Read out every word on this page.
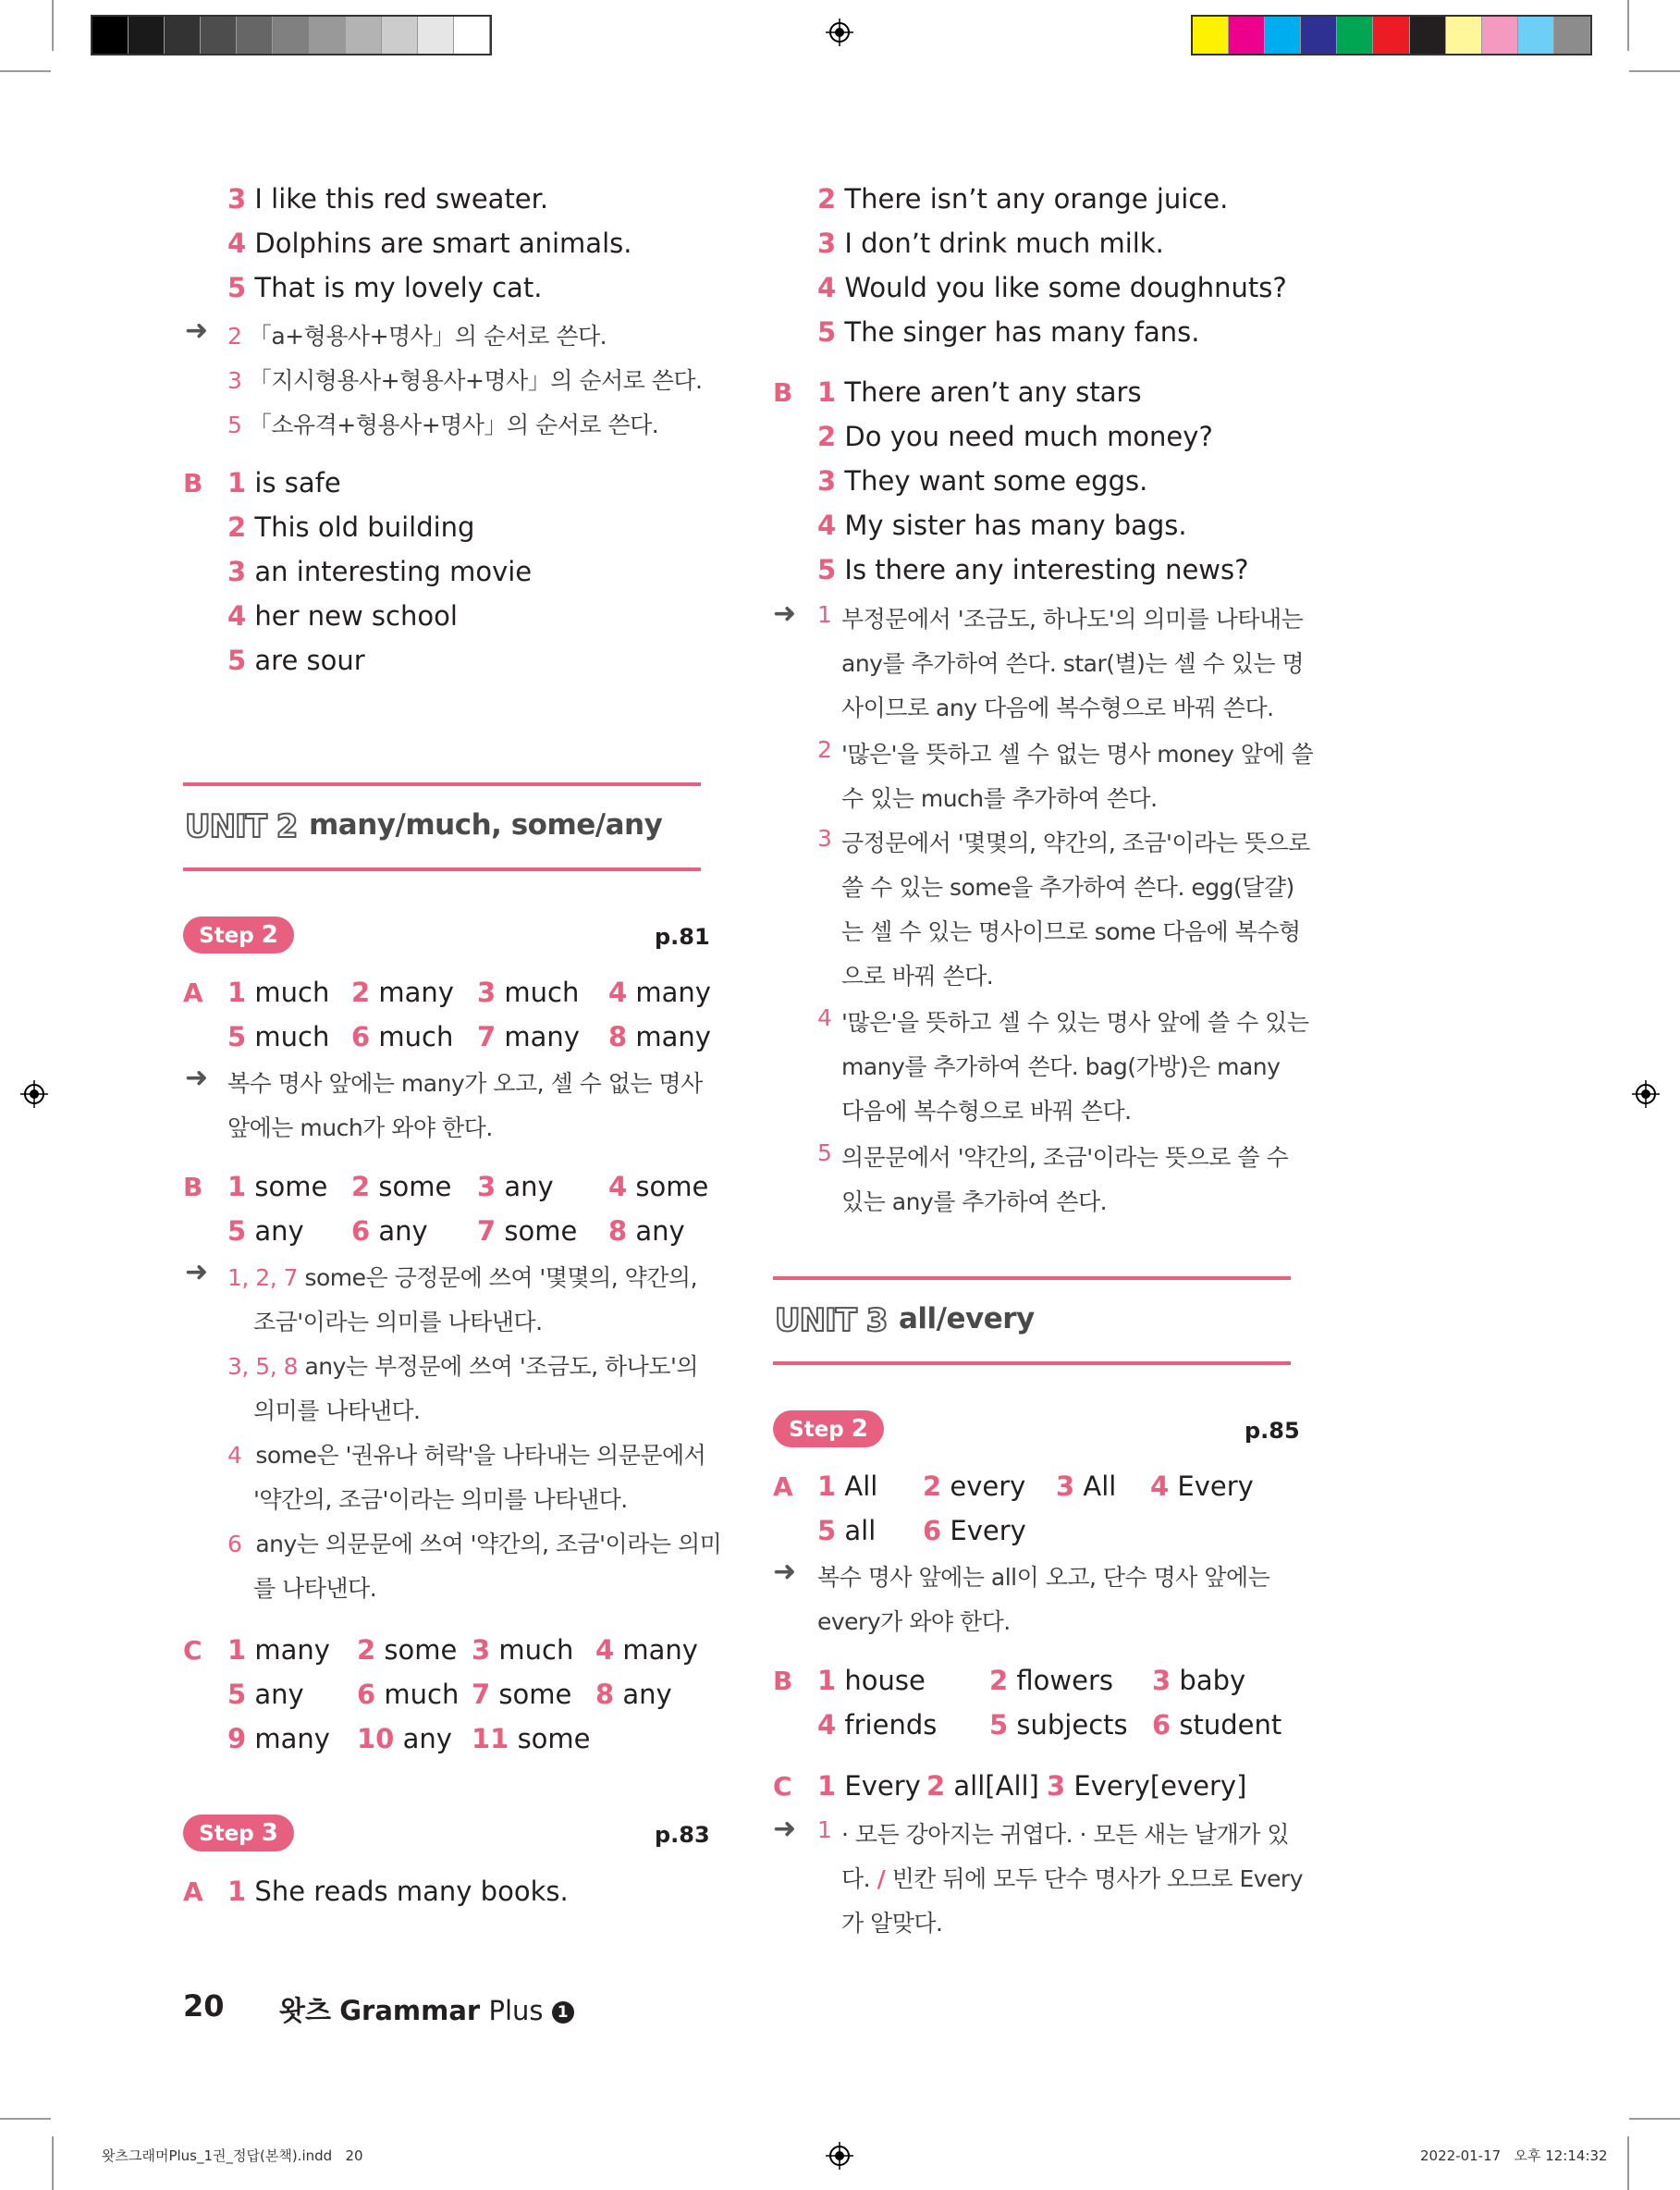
3 I like this red sweater.
4 Dolphins are smart animals.
5 That is my lovely cat.
➜ 2 「a+형용사+명사」의 순서로 쓴다.
3 「지시형용사+형용사+명사」의 순서로 쓴다.
5 「소유격+형용사+명사」의 순서로 쓴다.
B 1 is safe
2 This old building
3 an interesting movie
4 her new school
5 are sour
UNIT 2 many/much, some/any
Step 2	p.81
A 1 much 2 many 3 much 4 many
5 much 6 much 7 many 8 many
➜ 복수 명사 앞에는 many가 오고, 셀 수 없는 명사
앞에는 much가 와야 한다.
B 1 some 2 some 3 any 4 some
5 any 6 any 7 some 8 any
➜ 1, 2, 7 some은 긍정문에 쓰여 '몇몇의, 약간의,
조금'이라는 의미를 나타낸다.
3, 5, 8 any는 부정문에 쓰여 '조금도, 하나도'의
의미를 나타낸다.
4 some은 '권유나 허락'을 나타내는 의문문에서
'약간의, 조금'이라는 의미를 나타낸다.
6 any는 의문문에 쓰여 '약간의, 조금'이라는 의미
를 나타낸다.
C 1 many 2 some 3 much 4 many
5 any 6 much 7 some 8 any
9 many 10 any 11 some
Step 3	p.83
A 1 She reads many books.
2 There isn’t any orange juice.
3 I don’t drink much milk.
4 Would you like some doughnuts?
5 The singer has many fans.
B 1 There aren’t any stars
2 Do you need much money?
3 They want some eggs.
4 My sister has many bags.
5 Is there any interesting news?
➜ 1 부정문에서 '조금도, 하나도'의 의미를 나타내는
any를 추가하여 쓴다. star(별)는 셀 수 있는 명
사이므로 any 다음에 복수형으로 바꿔 쓴다.
2 '많은'을 뜻하고 셀 수 없는 명사 money 앞에 쓸
수 있는 much를 추가하여 쓴다.
3 긍정문에서 '몇몇의, 약간의, 조금'이라는 뜻으로
쓸 수 있는 some을 추가하여 쓴다. egg(달걀)
는 셀 수 있는 명사이므로 some 다음에 복수형
으로 바꿔 쓴다.
4 '많은'을 뜻하고 셀 수 있는 명사 앞에 쓸 수 있는
many를 추가하여 쓴다. bag(가방)은 many
다음에 복수형으로 바꿔 쓴다.
5 의문문에서 '약간의, 조금'이라는 뜻으로 쓸 수
있는 any를 추가하여 쓴다.
UNIT 3 all/every
Step 2	p.85
A 1 All 2 every 3 All 4 Every
5 all 6 Every
➜ 복수 명사 앞에는 all이 오고, 단수 명사 앞에는
every가 와야 한다.
B 1 house 2 flowers 3 baby
4 friends 5 subjects 6 student
C 1 Every 2 all[All] 3 Every[every]
➜ 1 · 모든 강아지는 귀엽다. · 모든 새는 날개가 있
다. / 빈칸 뒤에 모두 단수 명사가 오므로 Every
가 알맞다.
20 왓츠 Grammar Plus 1
왓츠그래머Plus_1권_정답(본책).indd   20	2022-01-17   오후 12:14:32
